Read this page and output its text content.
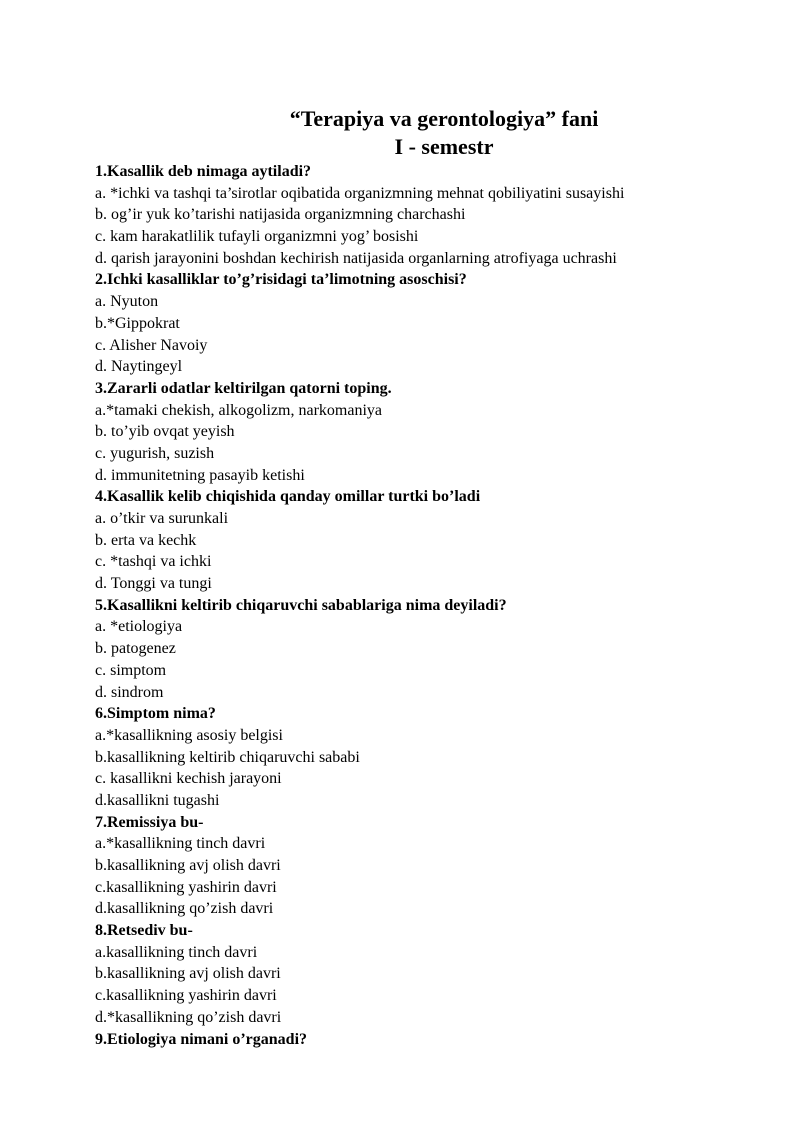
“Terapiya va gerontologiya” fani
I - semestr
1.Kasallik deb nimaga aytiladi?
a. *ichki va tashqi ta’sirotlar oqibatida organizmning mehnat qobiliyatini susayishi
b. og’ir yuk ko’tarishi natijasida organizmning charchashi
c. kam harakatlilik tufayli organizmni yog’ bosishi
d. qarish jarayonini boshdan kechirish natijasida organlarning atrofiyaga uchrashi
2.Ichki kasalliklar to’g’risidagi ta’limotning asoschisi?
a. Nyuton
b.*Gippokrat
c. Alisher Navoiy
d. Naytingeyl
3.Zararli odatlar keltirilgan qatorni toping.
a.*tamaki chekish, alkogolizm, narkomaniya
b. to’yib ovqat yeyish
c. yugurish, suzish
d. immunitetning pasayib ketishi
4.Kasallik kelib chiqishida qanday omillar turtki bo’ladi
a. o’tkir va surunkali
b. erta va kechk
c. *tashqi va ichki
d. Tonggi va tungi
5.Kasallikni keltirib chiqaruvchi sabablariga nima deyiladi?
a. *etiologiya
b. patogenez
c. simptom
d. sindrom
6.Simptom nima?
a.*kasallikning asosiy belgisi
b.kasallikning keltirib chiqaruvchi sababi
c. kasallikni kechish jarayoni
d.kasallikni tugashi
7.Remissiya bu-
a.*kasallikning tinch davri
b.kasallikning avj olish davri
c.kasallikning yashirin davri
d.kasallikning qo’zish davri
8.Retsediv bu-
a.kasallikning tinch davri
b.kasallikning avj olish davri
c.kasallikning yashirin davri
d.*kasallikning qo’zish davri
9.Etiologiya nimani o’rganadi?
